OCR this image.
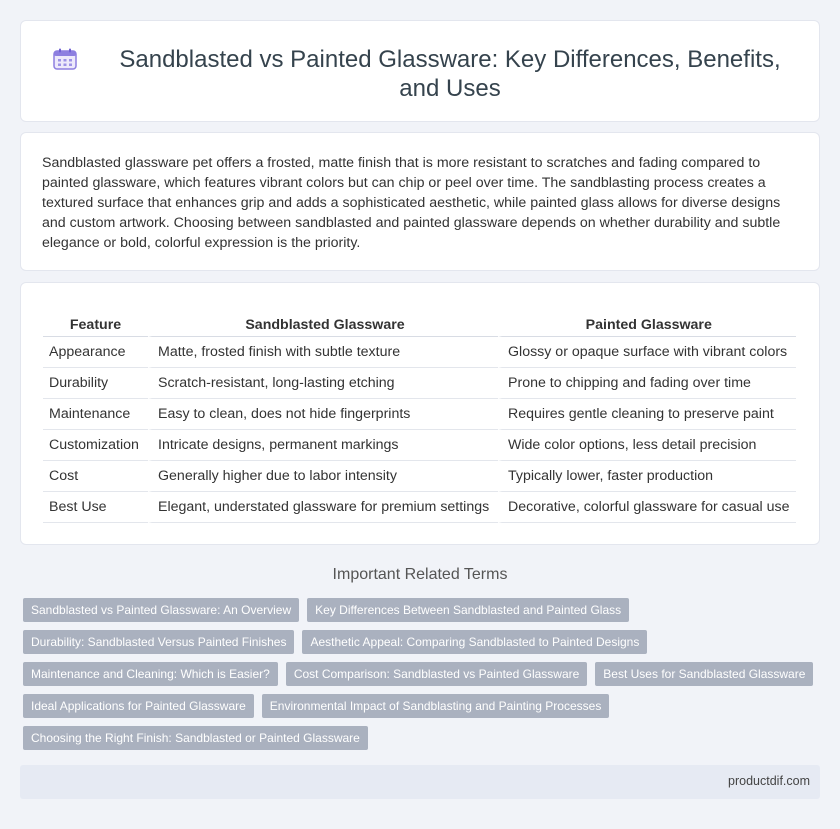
Sandblasted vs Painted Glassware: Key Differences, Benefits, and Uses

Sandblasted glassware pet offers a frosted, matte finish that is more resistant to scratches and fading compared to painted glassware, which features vibrant colors but can chip or peel over time. The sandblasting process creates a textured surface that enhances grip and adds a sophisticated aesthetic, while painted glass allows for diverse designs and custom artwork. Choosing between sandblasted and painted glassware depends on whether durability and subtle elegance or bold, colorful expression is the priority.

Feature	Sandblasted Glassware	Painted Glassware
Appearance	Matte, frosted finish with subtle texture	Glossy or opaque surface with vibrant colors
Durability	Scratch-resistant, long-lasting etching	Prone to chipping and fading over time
Maintenance	Easy to clean, does not hide fingerprints	Requires gentle cleaning to preserve paint
Customization	Intricate designs, permanent markings	Wide color options, less detail precision
Cost	Generally higher due to labor intensity	Typically lower, faster production
Best Use	Elegant, understated glassware for premium settings	Decorative, colorful glassware for casual use
Important Related Terms
Sandblasted vs Painted Glassware: An Overview	Key Differences Between Sandblasted and Painted Glass
Durability: Sandblasted Versus Painted Finishes	Aesthetic Appeal: Comparing Sandblasted to Painted Designs
Maintenance and Cleaning: Which is Easier?	Cost Comparison: Sandblasted vs Painted Glassware	Best Uses for Sandblasted Glassware
Ideal Applications for Painted Glassware	Environmental Impact of Sandblasting and Painting Processes
Choosing the Right Finish: Sandblasted or Painted Glassware
productdif.com
